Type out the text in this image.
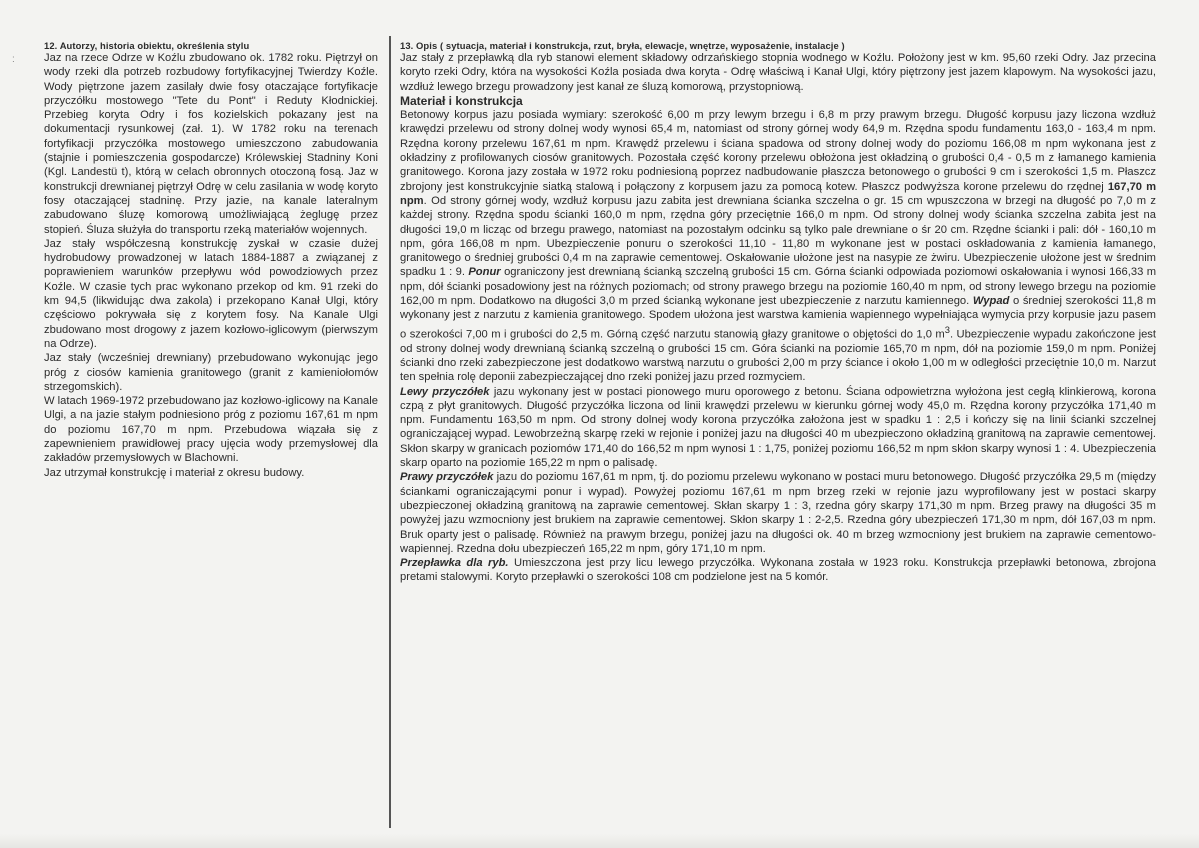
:

12. Autorzy, historia obiektu, określenia stylu

Jaz na rzece Odrze w Koźlu zbudowano ok. 1782 roku. Piętrzył on wody rzeki dla potrzeb rozbudowy fortyfikacyjnej Twierdzy Koźle. Wody piętrzone jazem zasilały dwie fosy otaczające fortyfikacje przyczółku mostowego "Tete du Pont" i Reduty Kłodnickiej. Przebieg koryta Odry i fos kozielskich pokazany jest na dokumentacji rysunkowej (zał. 1). W 1782 roku na terenach fortyfikacji przyczółka mostowego umieszczono zabudowania (stajnie i pomieszczenia gospodarcze) Królewskiej Stadniny Koni (Kgl. Landestü t), którą w celach obronnych otoczoną fosą. Jaz w konstrukcji drewnianej piętrzył Odrę w celu zasilania w wodę koryto fosy otaczającej stadninę. Przy jazie, na kanale lateralnym zabudowano śluzę komorową umożliwiającą żeglugę przez stopień. Śluza służyła do transportu rzeką materiałów wojennych.

Jaz stały współczesną konstrukcję zyskał w czasie dużej hydrobudowy prowadzonej w latach 1884-1887 a związanej z poprawieniem warunków przepływu wód powodziowych przez Koźle. W czasie tych prac wykonano przekop od km. 91 rzeki do km 94,5 (likwidując dwa zakola) i przekopano Kanał Ulgi, który częściowo pokrywała się z korytem fosy. Na Kanale Ulgi zbudowano most drogowy z jazem kozłowo-iglicowym (pierwszym na Odrze).

Jaz stały (wcześniej drewniany) przebudowano wykonując jego próg z ciosów kamienia granitowego (granit z kamieniołomów strzegomskich).

W latach 1969-1972 przebudowano jaz kozłowo-iglicowy na Kanale Ulgi, a na jazie stałym podniesiono próg z poziomu 167,61 m npm do poziomu 167,70 m npm. Przebudowa wiązała się z zapewnieniem prawidłowej pracy ujęcia wody przemysłowej dla zakładów przemysłowych w Blachowni.

Jaz utrzymał konstrukcję i materiał z okresu budowy.

13. Opis ( sytuacja, materiał i konstrukcja, rzut, bryła, elewacje, wnętrze, wyposażenie, instalacje )

Jaz stały z przepławką dla ryb stanowi element składowy odrzańskiego stopnia wodnego w Koźlu. Położony jest w km. 95,60 rzeki Odry. Jaz przecina koryto rzeki Odry, która na wysokości Koźla posiada dwa koryta - Odrę właściwą i Kanał Ulgi, który piętrzony jest jazem klapowym. Na wysokości jazu, wzdłuż lewego brzegu prowadzony jest kanał ze śluzą komorową, przystopniową.

Materiał i konstrukcja

Betonowy korpus jazu posiada wymiary: szerokość 6,00 m przy lewym brzegu i 6,8 m przy prawym brzegu. Długość korpusu jazy liczona wzdłuż krawędzi przelewu od strony dolnej wody wynosi 65,4 m, natomiast od strony górnej wody 64,9 m. Rzędna spodu fundamentu 163,0 - 163,4 m npm. Rzędna korony przelewu 167,61 m npm. Krawędź przelewu i ściana spadowa od strony dolnej wody do poziomu 166,08 m npm wykonana jest z okładziny z profilowanych ciosów granitowych. Pozostała część korony przelewu obłożona jest okładziną o grubości 0,4 - 0,5 m z łamanego kamienia granitowego. Korona jazy została w 1972 roku podniesioną poprzez nadbudowanie płaszcza betonowego o grubości 9 cm i szerokości 1,5 m. Płaszcz zbrojony jest konstrukcyjnie siatką stalową i połączony z korpusem jazu za pomocą kotew. Płaszcz podwyższa korone przelewu do rzędnej 167,70 m npm. Od strony górnej wody, wzdłuż korpusu jazu zabita jest drewniana ścianka szczelna o gr. 15 cm wpuszczona w brzegi na długość po 7,0 m z każdej strony. Rzędna spodu ścianki 160,0 m npm, rzędna góry przeciętnie 166,0 m npm. Od strony dolnej wody ścianka szczelna zabita jest na długości 19,0 m licząc od brzegu prawego, natomiast na pozostałym odcinku są tylko pale drewniane o śr 20 cm. Rzędne ścianki i pali: dół - 160,10 m npm, góra 166,08 m npm. Ubezpieczenie ponuru o szerokości 11,10 - 11,80 m wykonane jest w postaci oskładowania z kamienia łamanego, granitowego o średniej grubości 0,4 m na zaprawie cementowej. Oskałowanie ułożone jest na nasypie ze żwiru. Ubezpieczenie ułożone jest w średnim spadku 1 : 9. Ponur ograniczony jest drewnianą ścianką szczelną grubości 15 cm. Górna ścianki odpowiada poziomowi oskałowania i wynosi 166,33 m npm, dół ścianki posadowiony jest na różnych poziomach; od strony prawego brzegu na poziomie 160,40 m npm, od strony lewego brzegu na poziomie 162,00 m npm. Dodatkowo na długości 3,0 m przed ścianką wykonane jest ubezpieczenie z narzutu kamiennego. Wypad o średniej szerokości 11,8 m wykonany jest z narzutu z kamienia granitowego. Spodem ułożona jest warstwa kamienia wapiennego wypełniająca wymycia przy korpusie jazu pasem o szerokości 7,00 m i grubości do 2,5 m. Górną część narzutu stanowią głazy granitowe o objętości do 1,0 $m^3$. Ubezpieczenie wypadu zakończone jest od strony dolnej wody drewnianą ścianką szczelną o grubości 15 cm. Góra ścianki na poziomie 165,70 m npm, dół na poziomie 159,0 m npm. Poniżej ścianki dno rzeki zabezpieczone jest dodatkowo warstwą narzutu o grubości 2,00 m przy ściance i około 1,00 m w odległości przeciętnie 10,0 m. Narzut ten spełnia rolę deponii zabezpieczającej dno rzeki poniżej jazu przed rozmyciem.

Lewy przyczółek jazu wykonany jest w postaci pionowego muru oporowego z betonu. Ściana odpowietrzna wyłożona jest cegłą klinkierową, korona czpą z płyt granitowych. Długość przyczółka liczona od linii krawędzi przelewu w kierunku górnej wody 45,0 m. Rzędna korony przyczółka 171,40 m npm. Fundamentu 163,50 m npm. Od strony dolnej wody korona przyczółka założona jest w spadku 1 : 2,5 i kończy się na linii ścianki szczelnej ograniczającej wypad. Lewobrzeżną skarpę rzeki w rejonie i poniżej jazu na długości 40 m ubezpieczono okładziną granitową na zaprawie cementowej. Skłon skarpy w granicach poziomów 171,40 do 166,52 m npm wynosi 1 : 1,75, poniżej poziomu 166,52 m npm skłon skarpy wynosi 1 : 4. Ubezpieczenia skarp oparto na poziomie 165,22 m npm o palisadę.

Prawy przyczółek jazu do poziomu 167,61 m npm, tj. do poziomu przelewu wykonano w postaci muru betonowego. Długość przyczółka 29,5 m (między ściankami ograniczającymi ponur i wypad). Powyżej poziomu 167,61 m npm brzeg rzeki w rejonie jazu wyprofilowany jest w postaci skarpy ubezpieczonej okładziną granitową na zaprawie cementowej. Skłan skarpy 1 : 3, rzedna góry skarpy 171,30 m npm. Brzeg prawy na długości 35 m powyżej jazu wzmocniony jest brukiem na zaprawie cementowej. Skłon skarpy 1 : 2-2,5. Rzedna góry ubezpieczeń 171,30 m npm, dół 167,03 m npm. Bruk oparty jest o palisadę. Również na prawym brzegu, poniżej jazu na długości ok. 40 m brzeg wzmocniony jest brukiem na zaprawie cementowo-wapiennej. Rzedna dołu ubezpieczeń 165,22 m npm, góry 171,10 m npm.

Przepławka dla ryb. Umieszczona jest przy licu lewego przyczółka. Wykonana została w 1923 roku. Konstrukcja przepławki betonowa, zbrojona pretami stalowymi. Koryto przepławki o szerokości 108 cm podzielone jest na 5 komór.
